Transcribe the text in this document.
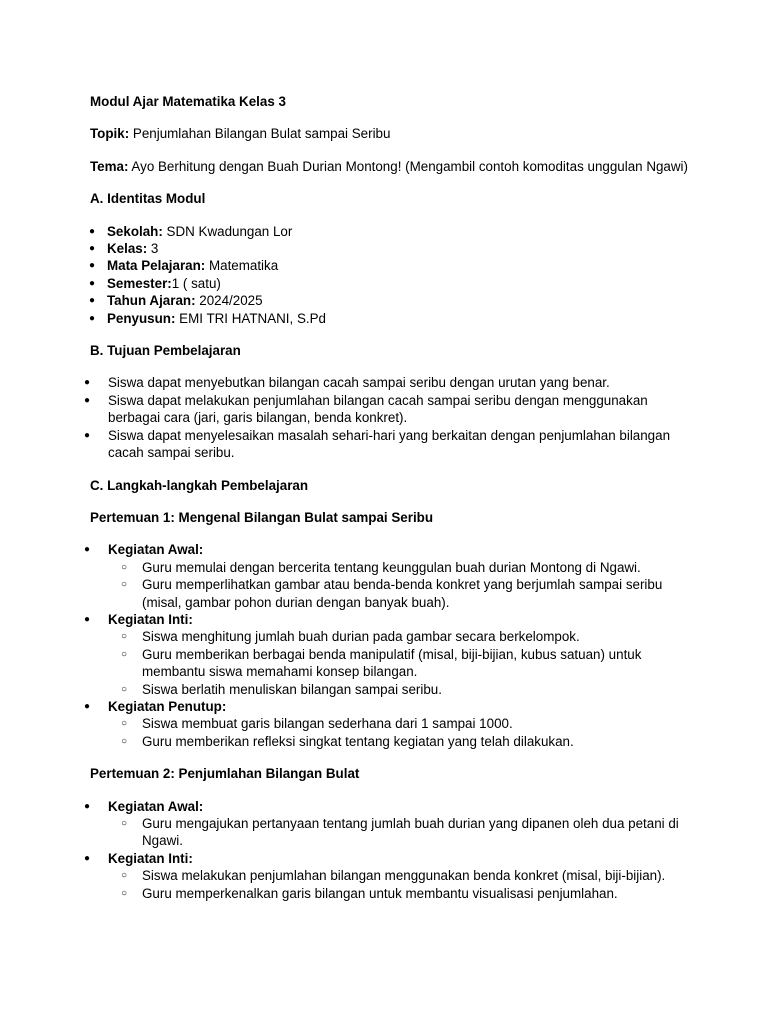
Modul Ajar Matematika Kelas 3

Topik: Penjumlahan Bilangan Bulat sampai Seribu

Tema: Ayo Berhitung dengan Buah Durian Montong! (Mengambil contoh komoditas unggulan Ngawi)

A. Identitas Modul

● Sekolah: SDN Kwadungan Lor
● Kelas: 3
● Mata Pelajaran: Matematika
● Semester:1 ( satu)
● Tahun Ajaran: 2024/2025
● Penyusun: EMI TRI HATNANI, S.Pd

B. Tujuan Pembelajaran

● Siswa dapat menyebutkan bilangan cacah sampai seribu dengan urutan yang benar.
● Siswa dapat melakukan penjumlahan bilangan cacah sampai seribu dengan menggunakan berbagai cara (jari, garis bilangan, benda konkret).
● Siswa dapat menyelesaikan masalah sehari-hari yang berkaitan dengan penjumlahan bilangan cacah sampai seribu.

C. Langkah-langkah Pembelajaran

Pertemuan 1: Mengenal Bilangan Bulat sampai Seribu

● Kegiatan Awal:
○ Guru memulai dengan bercerita tentang keunggulan buah durian Montong di Ngawi.
○ Guru memperlihatkan gambar atau benda-benda konkret yang berjumlah sampai seribu (misal, gambar pohon durian dengan banyak buah).
● Kegiatan Inti:
○ Siswa menghitung jumlah buah durian pada gambar secara berkelompok.
○ Guru memberikan berbagai benda manipulatif (misal, biji-bijian, kubus satuan) untuk membantu siswa memahami konsep bilangan.
○ Siswa berlatih menuliskan bilangan sampai seribu.
● Kegiatan Penutup:
○ Siswa membuat garis bilangan sederhana dari 1 sampai 1000.
○ Guru memberikan refleksi singkat tentang kegiatan yang telah dilakukan.

Pertemuan 2: Penjumlahan Bilangan Bulat

● Kegiatan Awal:
○ Guru mengajukan pertanyaan tentang jumlah buah durian yang dipanen oleh dua petani di Ngawi.
● Kegiatan Inti:
○ Siswa melakukan penjumlahan bilangan menggunakan benda konkret (misal, biji-bijian).
○ Guru memperkenalkan garis bilangan untuk membantu visualisasi penjumlahan.
